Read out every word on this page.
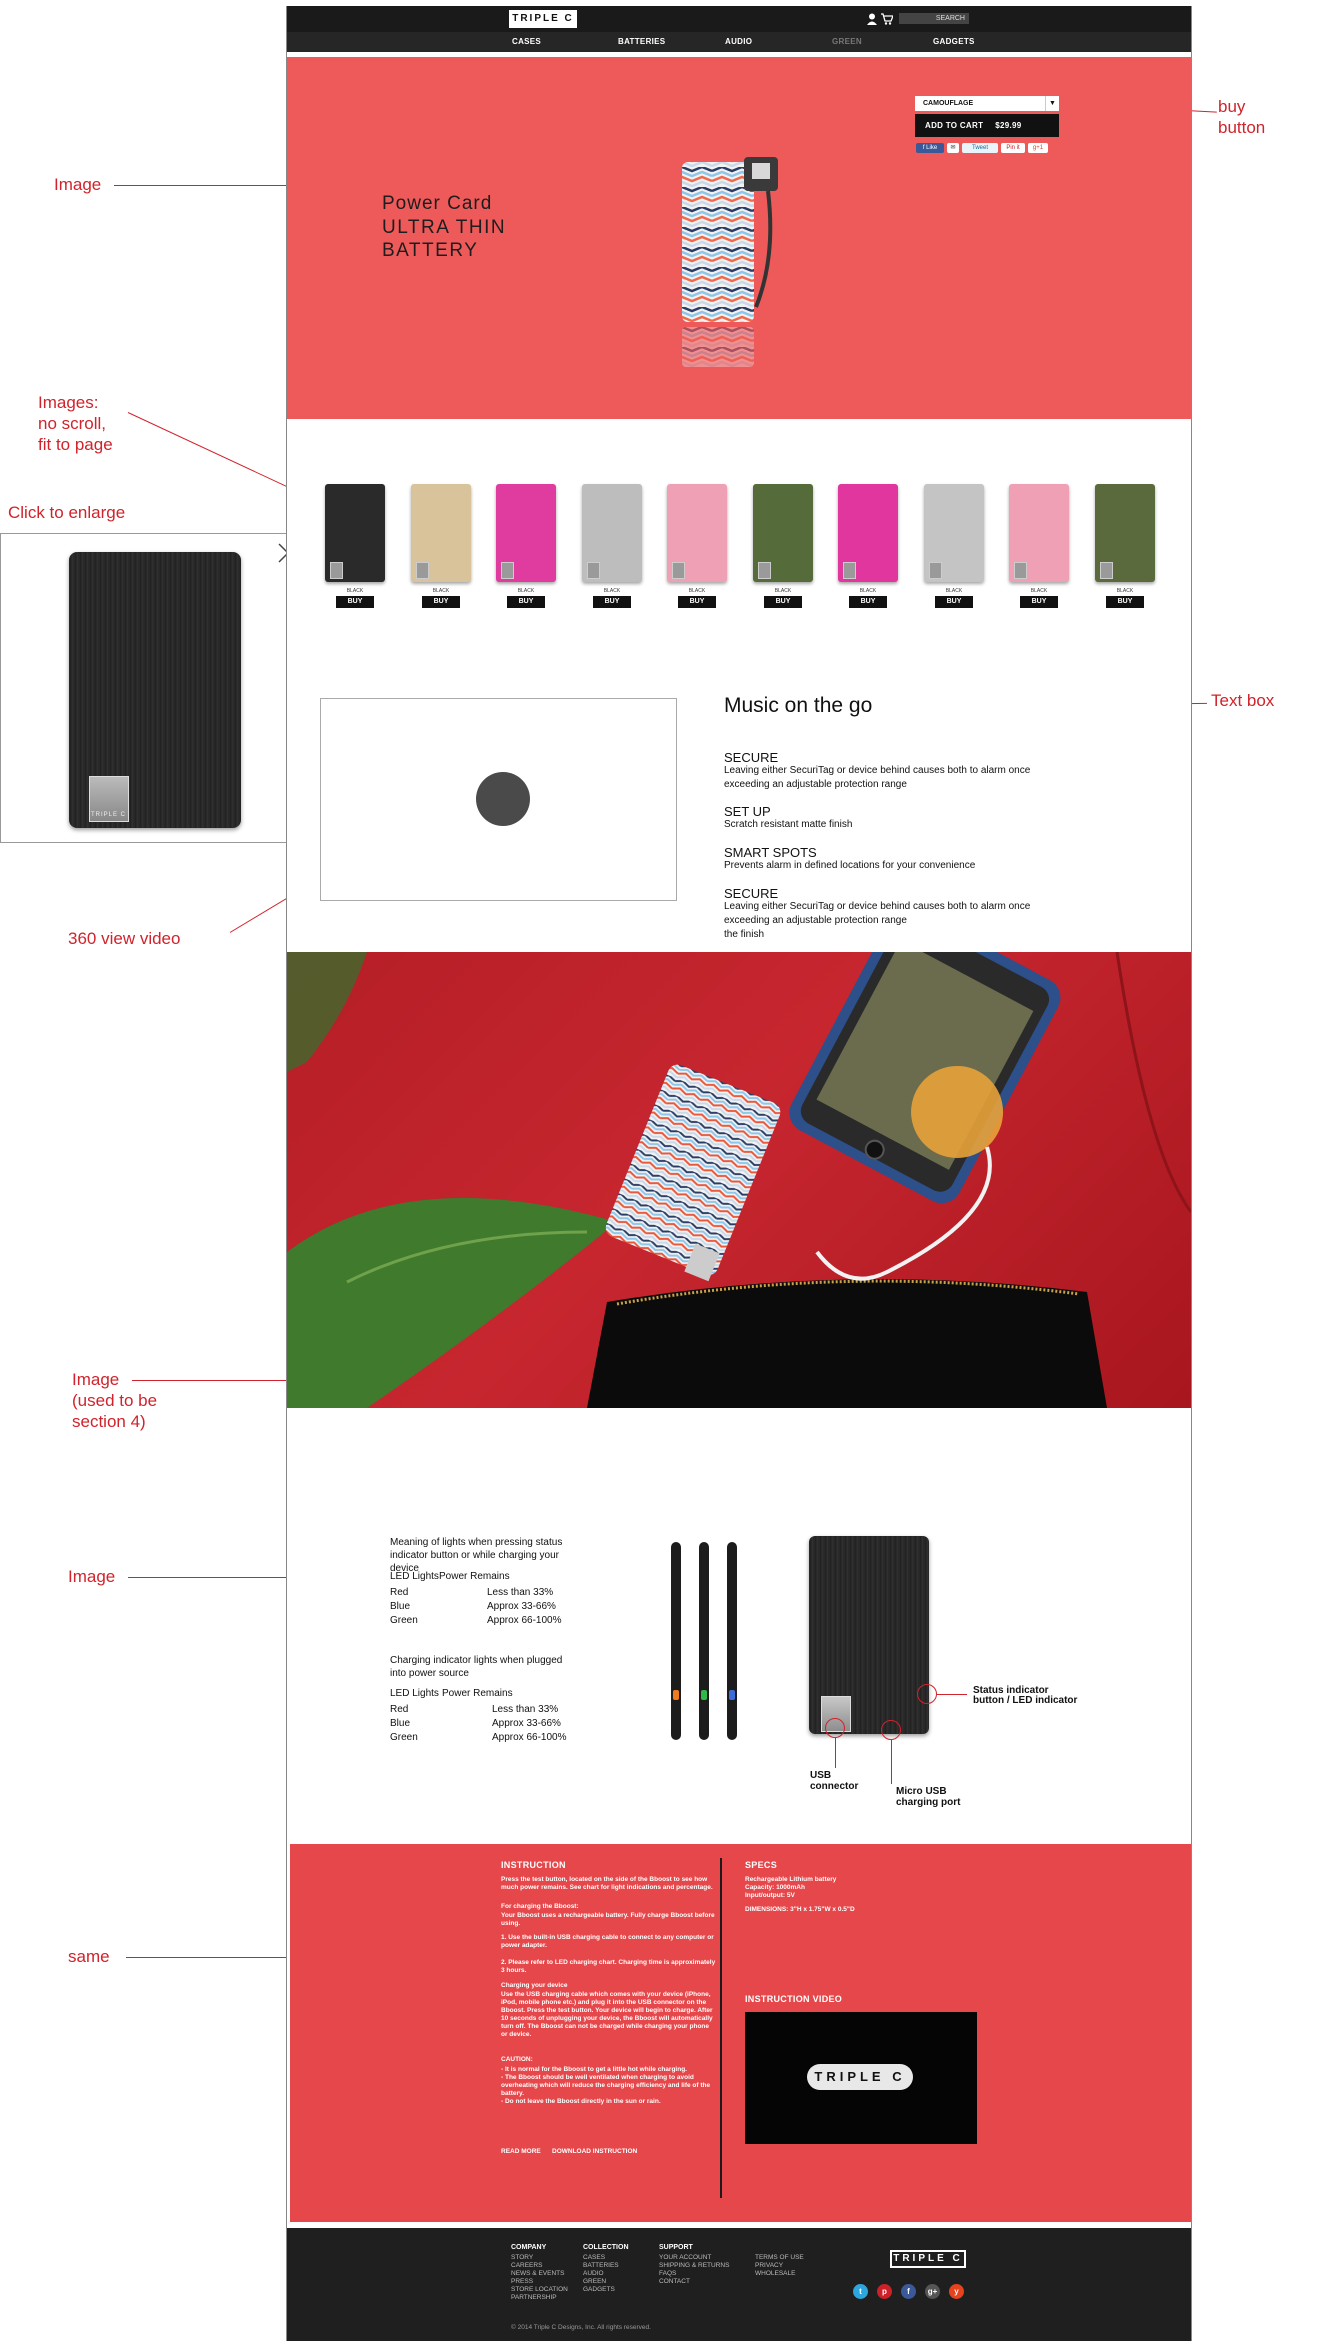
buy
button
Image
Images:
no scroll,
fit to page
Click to enlarge
Text box
360 view video
Image
(used to be
section 4)
Image
same
TRIPLE C
TRIPLE C	SEARCH
CASES	BATTERIES	AUDIO	GREEN	GADGETS
Power Card
ULTRA THIN
BATTERY
CAMOUFLAGE	▼
ADD TO CART $29.99
f Like	✉	Tweet	Pin it	g+1
BLACK
BUY
BLACK
BUY
BLACK
BUY
BLACK
BUY
BLACK
BUY
BLACK
BUY
BLACK
BUY
BLACK
BUY
BLACK
BUY
BLACK
BUY
Music on the go
SECURE
Leaving either SecuriTag or device behind causes both to alarm once exceeding an adjustable protection range
SET UP
Scratch resistant matte finish
SMART SPOTS
Prevents alarm in defined locations for your convenience
SECURE
Leaving either SecuriTag or device behind causes both to alarm once exceeding an adjustable protection range
the finish
Meaning of lights when pressing status indicator button or while charging your device
LED Lights Power Remains
Red	Less than 33%
Blue	Approx 33-66%
Green	Approx 66-100%
Charging indicator lights when plugged into power source
LED Lights Power Remains
Red	Less than 33%
Blue	Approx 33-66%
Green	Approx 66-100%
Status indicator
button / LED indicator
USB
connector	Micro USB
charging port
INSTRUCTION
Press the test button, located on the side of the Bboost to see how much power remains. See chart for light indications and percentage.
For charging the Bboost:
Your Bboost uses a rechargeable battery. Fully charge Bboost before using.
1. Use the built-in USB charging cable to connect to any computer or power adapter.
2. Please refer to LED charging chart. Charging time is approximately 3 hours.
Charging your device
Use the USB charging cable which comes with your device (iPhone, iPod, mobile phone etc.) and plug it into the USB connector on the Bboost. Press the test button. Your device will begin to charge. After 10 seconds of unplugging your device, the Bboost will automatically turn off. The Bboost can not be charged while charging your phone or device.
CAUTION:
- It is normal for the Bboost to get a little hot while charging.
- The Bboost should be well ventilated when charging to avoid overheating which will reduce the charging efficiency and life of the battery.
- Do not leave the Bboost directly in the sun or rain.
READ MORE DOWNLOAD INSTRUCTION
SPECS
Rechargeable Lithium battery
Capacity: 1000mAh
Input/output: 5V
DIMENSIONS: 3"H x 1.75"W x 0.5"D
INSTRUCTION VIDEO
TRIPLE C
COMPANY
STORY
CAREERS
NEWS & EVENTS
PRESS
STORE LOCATION
PARTNERSHIP
COLLECTION
CASES
BATTERIES
AUDIO
GREEN
GADGETS
SUPPORT
YOUR ACCOUNT
SHIPPING & RETURNS
FAQS
CONTACT
TERMS OF USE
PRIVACY
WHOLESALE
TRIPLE C
t	p	f	g+	y
© 2014 Triple C Designs, Inc. All rights reserved.
